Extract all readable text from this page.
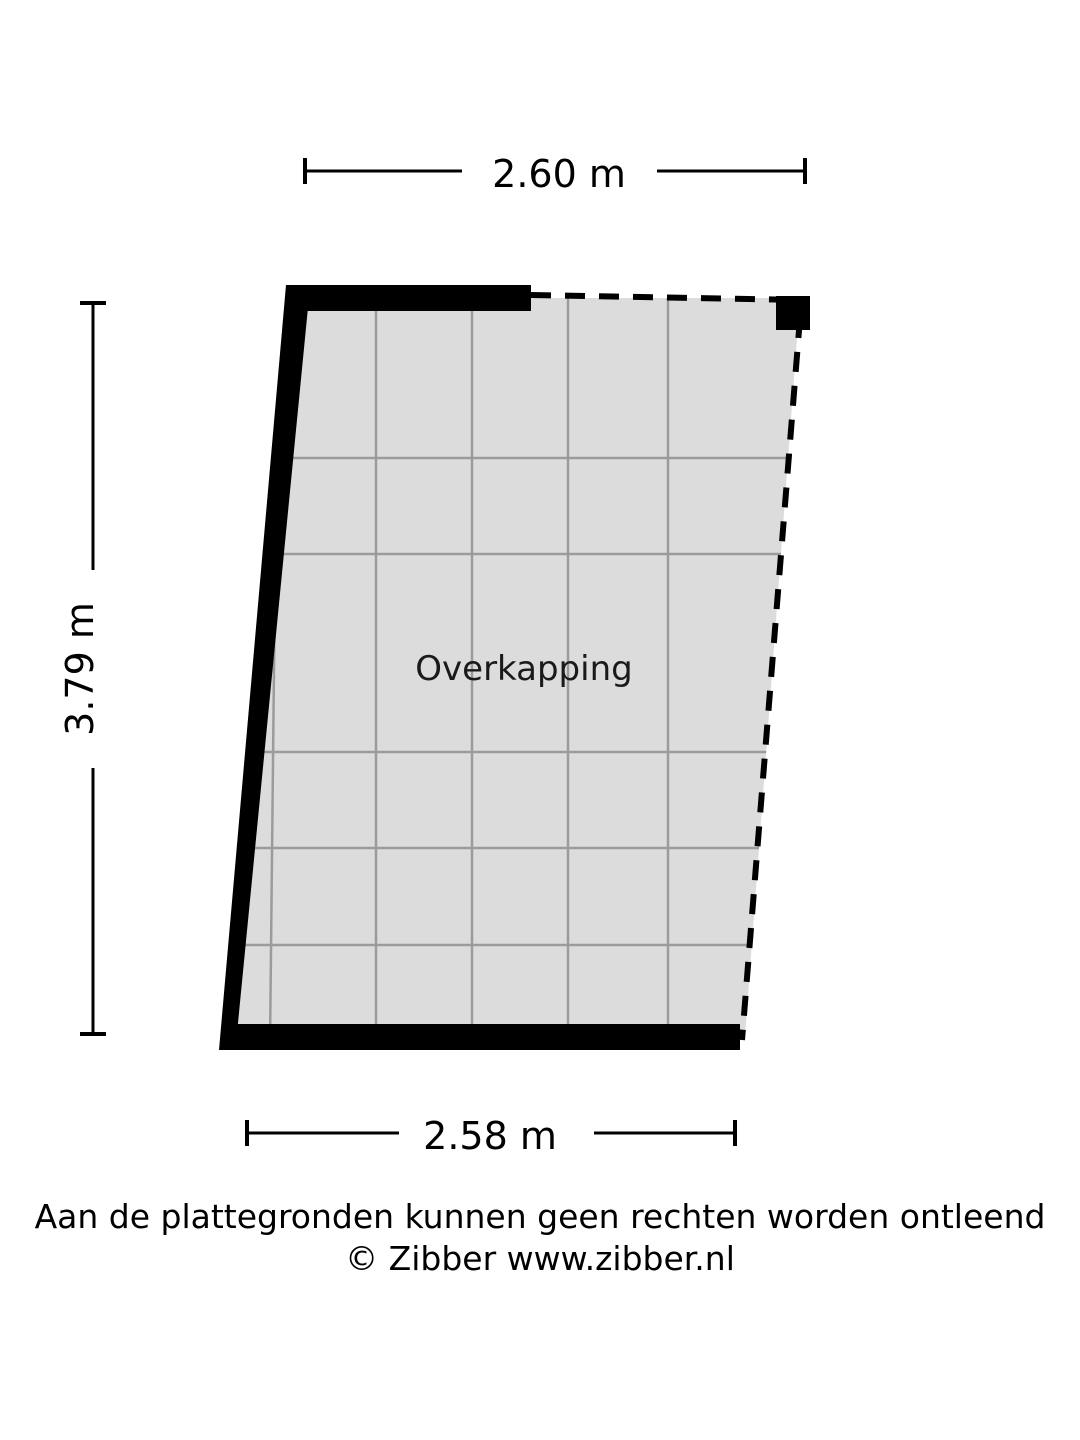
2.60 m
3.79 m
2.58 m
Overkapping
Aan de plattegronden kunnen geen rechten worden ontleend
© Zibber www.zibber.nl
